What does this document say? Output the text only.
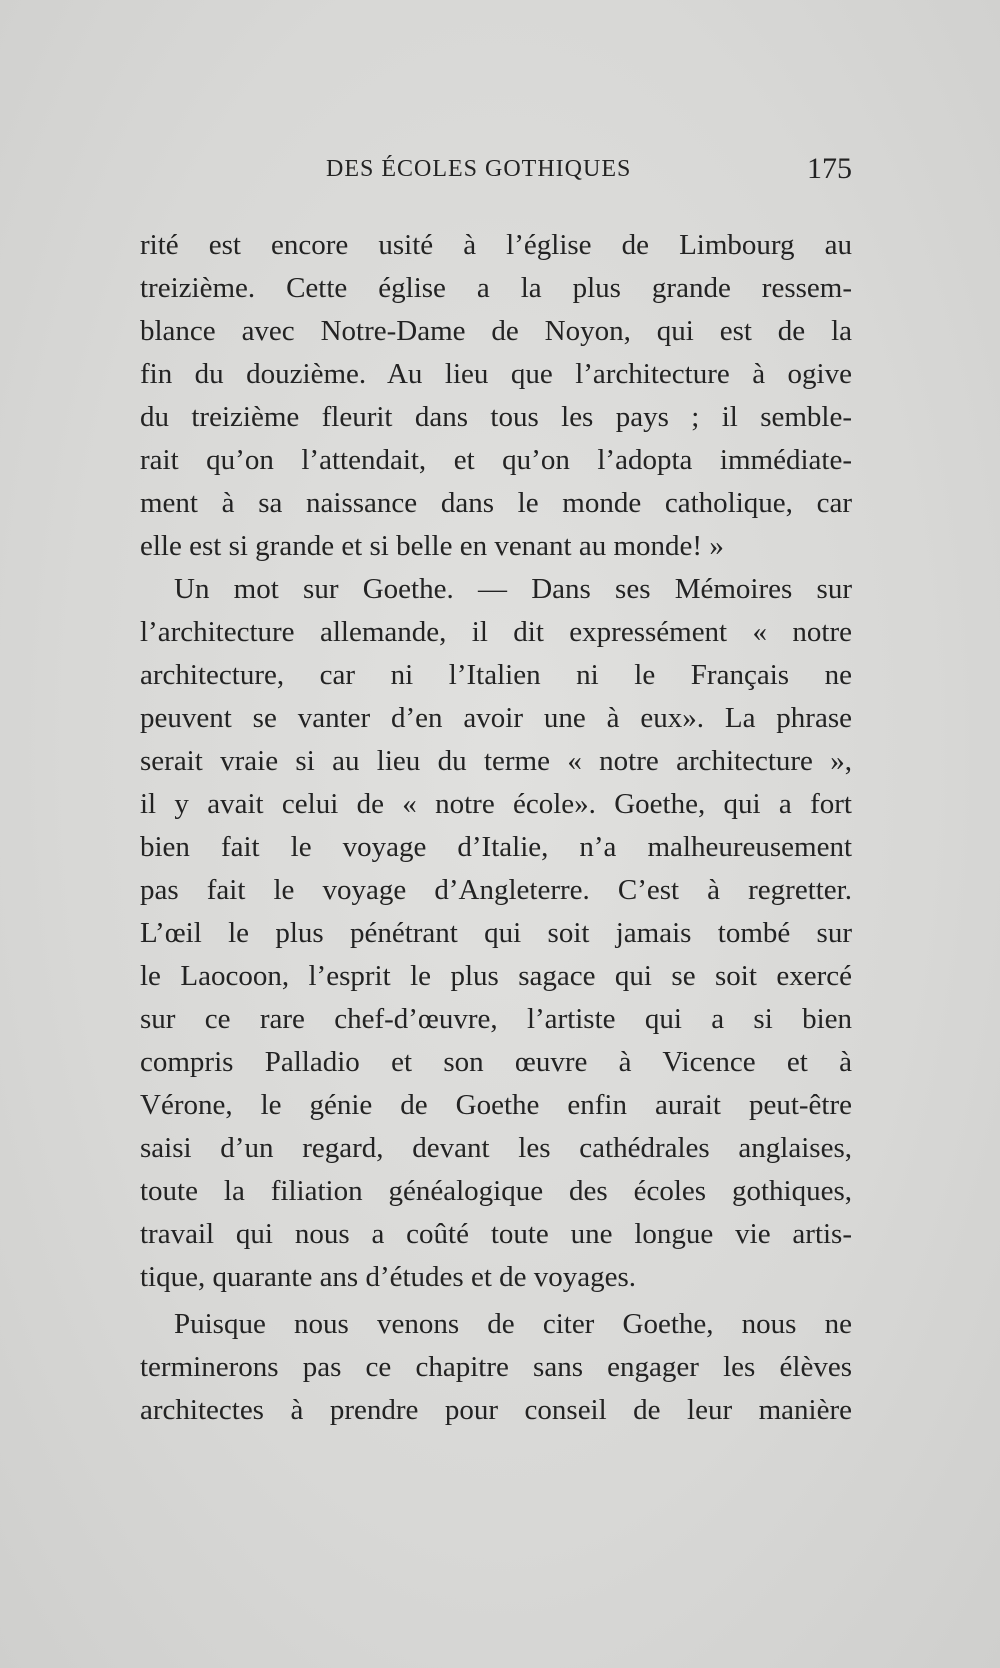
DES ÉCOLES GOTHIQUES	175
rité est encore usité à l’église de Limbourg au
treizième. Cette église a la plus grande ressem-
blance avec Notre-Dame de Noyon, qui est de la
fin du douzième. Au lieu que l’architecture à ogive
du treizième fleurit dans tous les pays ; il semble-
rait qu’on l’attendait, et qu’on l’adopta immédiate-
ment à sa naissance dans le monde catholique, car
elle est si grande et si belle en venant au monde! »
Un mot sur Goethe. — Dans ses Mémoires sur
l’architecture allemande, il dit expressément « notre
architecture, car ni l’Italien ni le Français ne
peuvent se vanter d’en avoir une à eux». La phrase
serait vraie si au lieu du terme « notre architecture »,
il y avait celui de « notre école». Goethe, qui a fort
bien fait le voyage d’Italie, n’a malheureusement
pas fait le voyage d’Angleterre. C’est à regretter.
L’œil le plus pénétrant qui soit jamais tombé sur
le Laocoon, l’esprit le plus sagace qui se soit exercé
sur ce rare chef-d’œuvre, l’artiste qui a si bien
compris Palladio et son œuvre à Vicence et à
Vérone, le génie de Goethe enfin aurait peut-être
saisi d’un regard, devant les cathédrales anglaises,
toute la filiation généalogique des écoles gothiques,
travail qui nous a coûté toute une longue vie artis-
tique, quarante ans d’études et de voyages.
Puisque nous venons de citer Goethe, nous ne
terminerons pas ce chapitre sans engager les élèves
architectes à prendre pour conseil de leur manière
